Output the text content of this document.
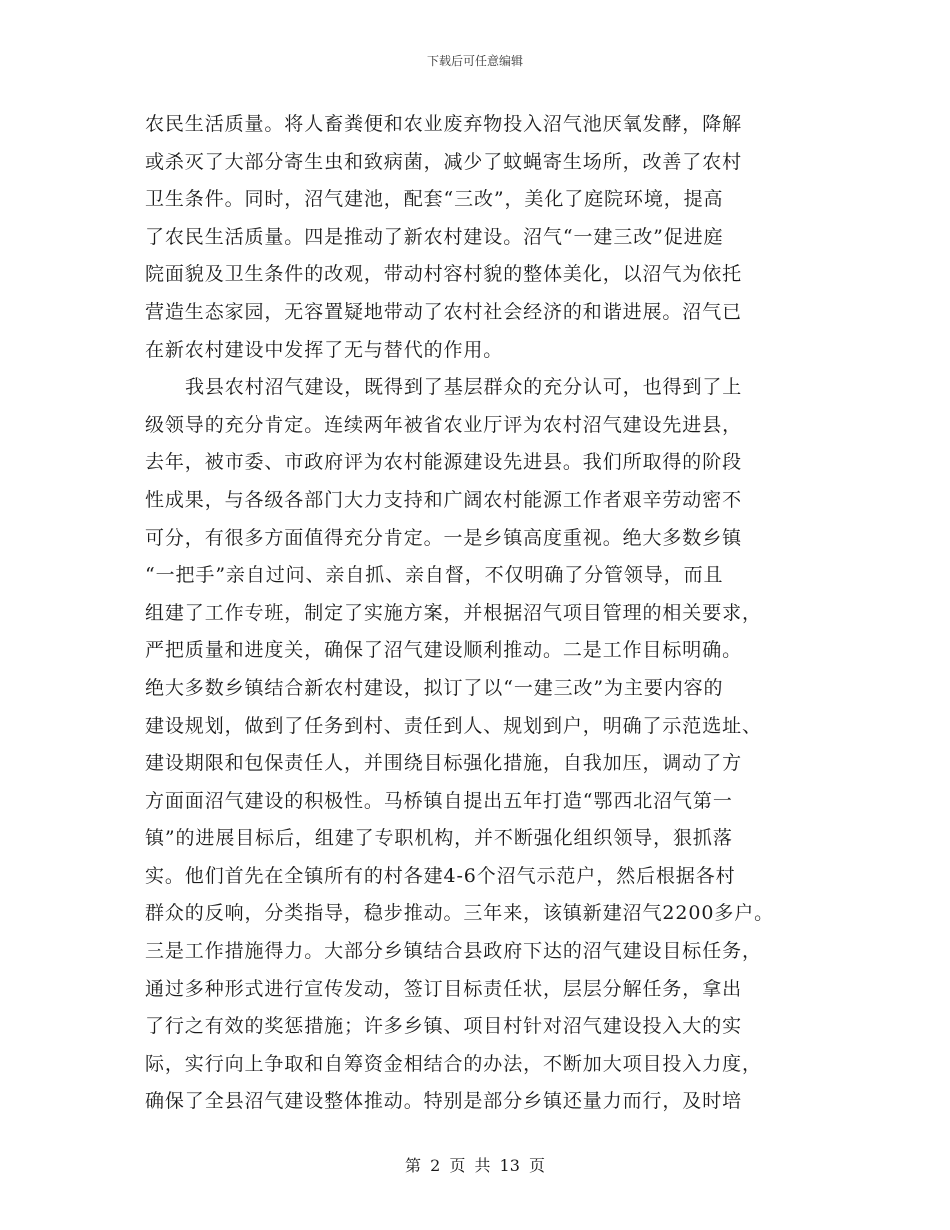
下载后可任意编辑
农民生活质量。将人畜粪便和农业废弃物投入沼气池厌氧发酵，降解
或杀灭了大部分寄生虫和致病菌，减少了蚊蝇寄生场所，改善了农村
卫生条件。同时，沼气建池，配套“三改”，美化了庭院环境，提高
了农民生活质量。四是推动了新农村建设。沼气“一建三改”促进庭
院面貌及卫生条件的改观，带动村容村貌的整体美化，以沼气为依托
营造生态家园，无容置疑地带动了农村社会经济的和谐进展。沼气已
在新农村建设中发挥了无与替代的作用。
我县农村沼气建设，既得到了基层群众的充分认可，也得到了上
级领导的充分肯定。连续两年被省农业厅评为农村沼气建设先进县，
去年，被市委、市政府评为农村能源建设先进县。我们所取得的阶段
性成果，与各级各部门大力支持和广阔农村能源工作者艰辛劳动密不
可分，有很多方面值得充分肯定。一是乡镇高度重视。绝大多数乡镇
“一把手”亲自过问、亲自抓、亲自督，不仅明确了分管领导，而且
组建了工作专班，制定了实施方案，并根据沼气项目管理的相关要求，
严把质量和进度关，确保了沼气建设顺利推动。二是工作目标明确。
绝大多数乡镇结合新农村建设，拟订了以“一建三改”为主要内容的
建设规划，做到了任务到村、责任到人、规划到户，明确了示范选址、
建设期限和包保责任人，并围绕目标强化措施，自我加压，调动了方
方面面沼气建设的积极性。马桥镇自提出五年打造“鄂西北沼气第一
镇”的进展目标后，组建了专职机构，并不断强化组织领导，狠抓落
实。他们首先在全镇所有的村各建4-6个沼气示范户，然后根据各村
群众的反响，分类指导，稳步推动。三年来，该镇新建沼气2200多户。
三是工作措施得力。大部分乡镇结合县政府下达的沼气建设目标任务，
通过多种形式进行宣传发动，签订目标责任状，层层分解任务，拿出
了行之有效的奖惩措施；许多乡镇、项目村针对沼气建设投入大的实
际，实行向上争取和自筹资金相结合的办法，不断加大项目投入力度，
确保了全县沼气建设整体推动。特别是部分乡镇还量力而行，及时培
第 2 页 共 13 页
